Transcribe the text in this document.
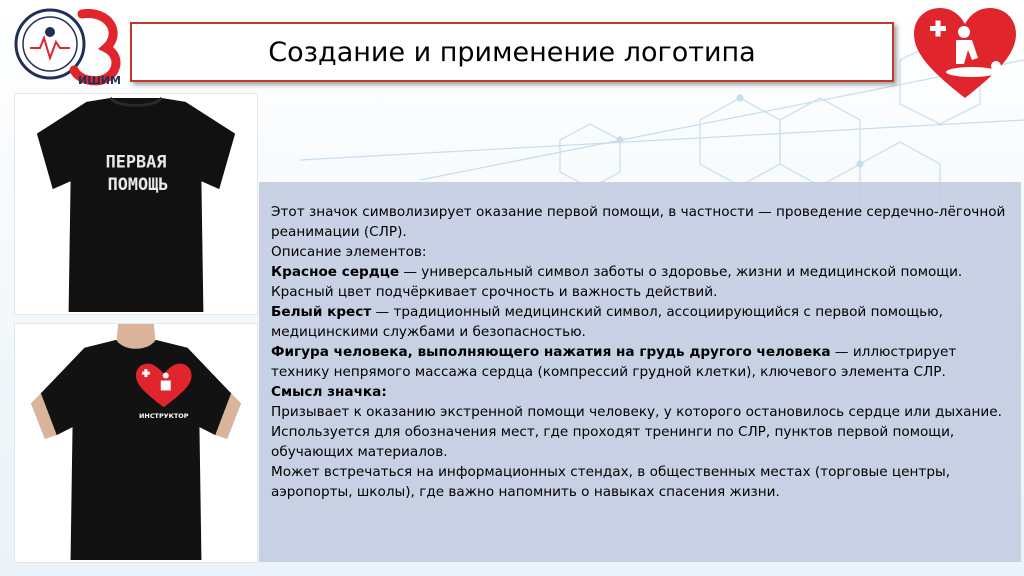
ИШИМ
Создание и применение логотипа
ПЕРВАЯ
ПОМОЩЬ
ИНСТРУКТОР

Этот значок символизирует оказание первой помощи, в частности — проведение сердечно-лёгочной реанимации (СЛР).

Описание элементов:

Красное сердце — универсальный символ заботы о здоровье, жизни и медицинской помощи. Красный цвет подчёркивает срочность и важность действий.

Белый крест — традиционный медицинский символ, ассоциирующийся с первой помощью, медицинскими службами и безопасностью.

Фигура человека, выполняющего нажатия на грудь другого человека — иллюстрирует технику непрямого массажа сердца (компрессий грудной клетки), ключевого элемента СЛР.

Смысл значка:

Призывает к оказанию экстренной помощи человеку, у которого остановилось сердце или дыхание.

Используется для обозначения мест, где проходят тренинги по СЛР, пунктов первой помощи, обучающих материалов.

Может встречаться на информационных стендах, в общественных местах (торговые центры, аэропорты, школы), где важно напомнить о навыках спасения жизни.
